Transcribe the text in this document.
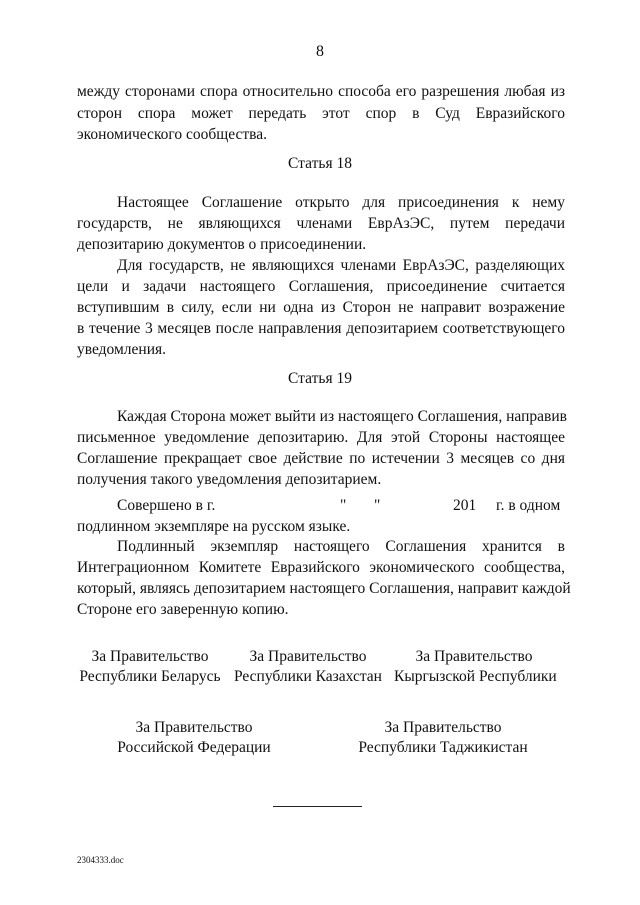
8
между сторонами спора относительно способа его разрешения любая из
сторон спора может передать этот спор в Суд Евразийского
экономического сообщества.
Статья 18
Настоящее Соглашение открыто для присоединения к нему
государств, не являющихся членами ЕврАзЭС, путем передачи
депозитарию документов о присоединении.
Для государств, не являющихся членами ЕврАзЭС, разделяющих
цели и задачи настоящего Соглашения, присоединение считается
вступившим в силу, если ни одна из Сторон не направит возражение
в течение 3 месяцев после направления депозитарием соответствующего
уведомления.
Статья 19
Каждая Сторона может выйти из настоящего Соглашения, направив
письменное уведомление депозитарию. Для этой Стороны настоящее
Соглашение прекращает свое действие по истечении 3 месяцев со дня
получения такого уведомления депозитарием.
Совершено в г.	" "	201 г. в одном
подлинном экземпляре на русском языке.
Подлинный экземпляр настоящего Соглашения хранится в
Интеграционном Комитете Евразийского экономического сообщества,
который, являясь депозитарием настоящего Соглашения, направит каждой
Стороне его заверенную копию.
За Правительство
Республики Беларусь
За Правительство
Республики Казахстан
За Правительство
Кыргызской Республики
За Правительство
Российской Федерации
За Правительство
Республики Таджикистан
2304333.doc
